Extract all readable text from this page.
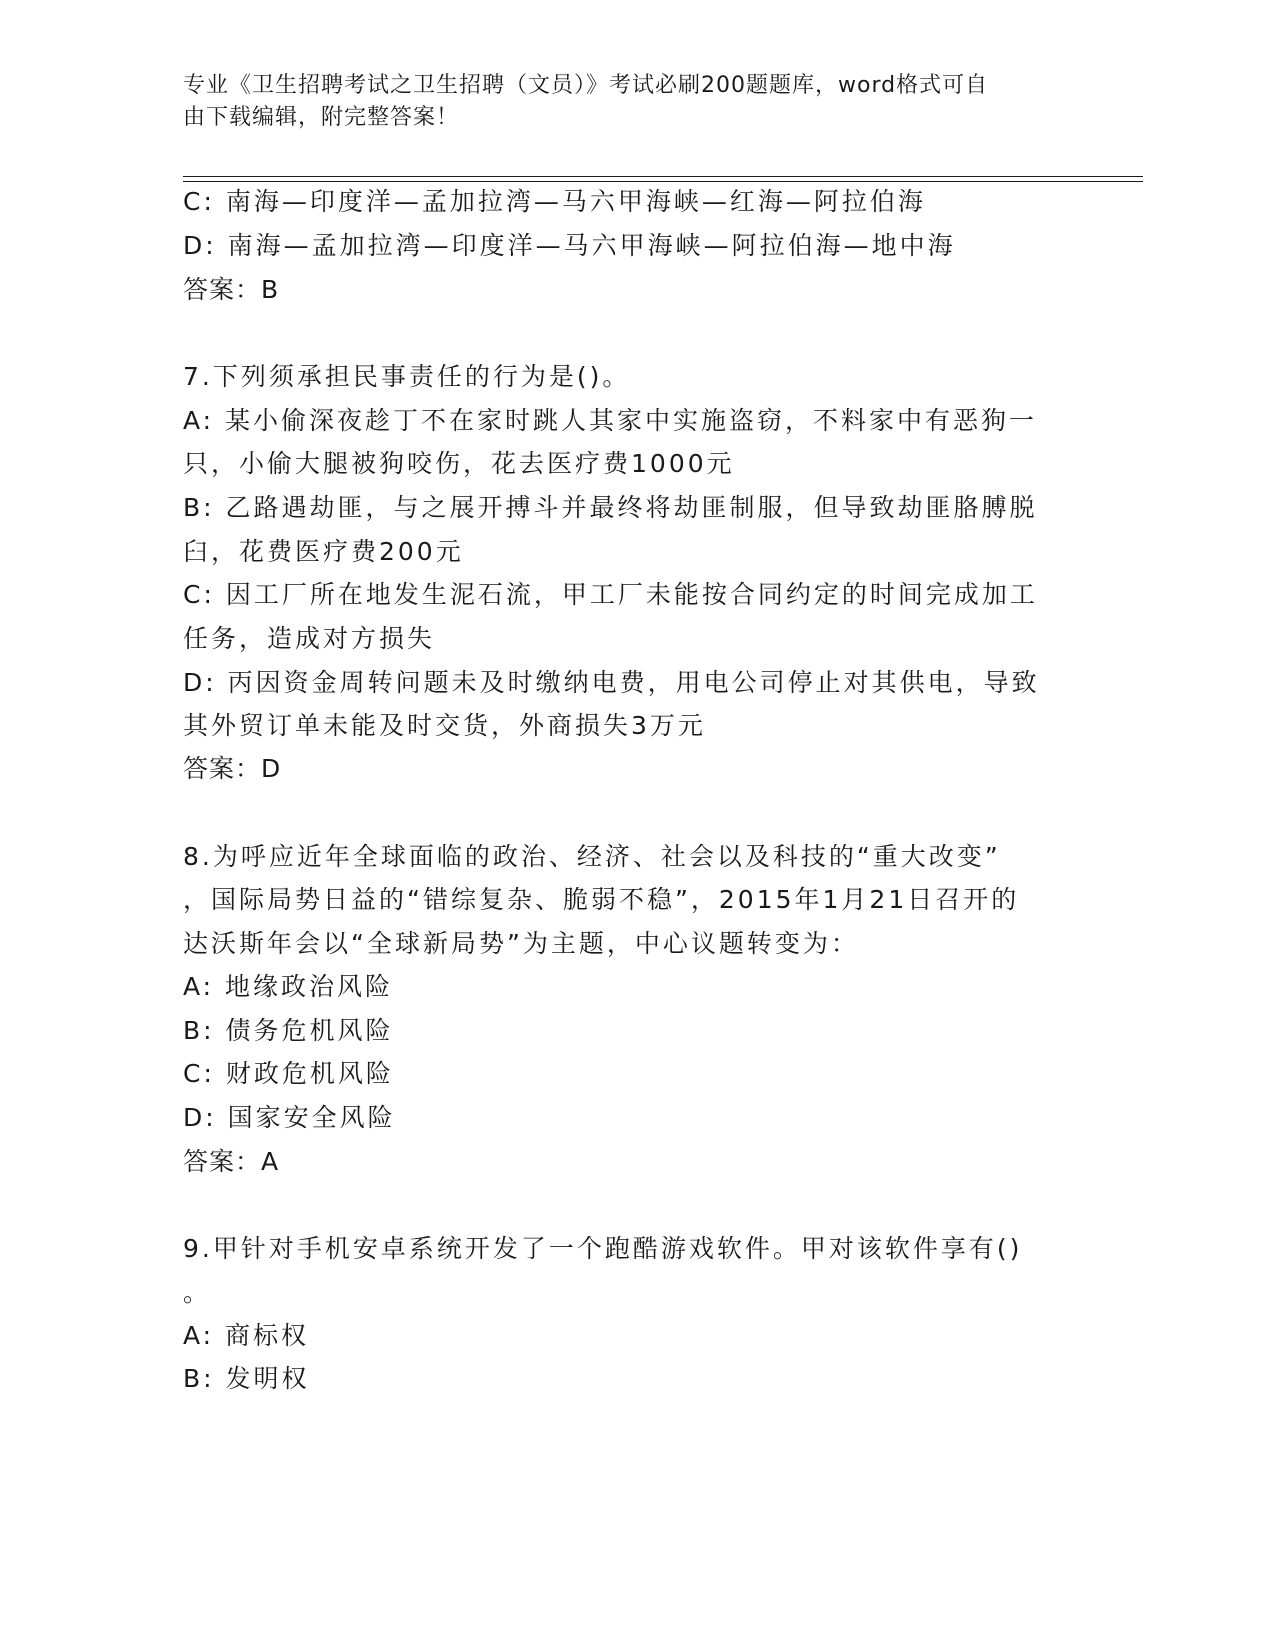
专业《卫生招聘考试之卫生招聘（文员）》考试必刷200题题库，word格式可自
由下载编辑，附完整答案！
C: 南海—印度洋—孟加拉湾—马六甲海峡—红海—阿拉伯海
D: 南海—孟加拉湾—印度洋—马六甲海峡—阿拉伯海—地中海
答案：B
7.下列须承担民事责任的行为是()。
A: 某小偷深夜趁丁不在家时跳人其家中实施盗窃，不料家中有恶狗一
只，小偷大腿被狗咬伤，花去医疗费1000元
B: 乙路遇劫匪，与之展开搏斗并最终将劫匪制服，但导致劫匪胳膊脱
臼，花费医疗费200元
C: 因工厂所在地发生泥石流，甲工厂未能按合同约定的时间完成加工
任务，造成对方损失
D: 丙因资金周转问题未及时缴纳电费，用电公司停止对其供电，导致
其外贸订单未能及时交货，外商损失3万元
答案：D
8.为呼应近年全球面临的政治、经济、社会以及科技的“重大改变”
，国际局势日益的“错综复杂、脆弱不稳”，2015年1月21日召开的
达沃斯年会以“全球新局势”为主题，中心议题转变为：
A: 地缘政治风险
B: 债务危机风险
C: 财政危机风险
D: 国家安全风险
答案：A
9.甲针对手机安卓系统开发了一个跑酷游戏软件。甲对该软件享有()
。
A: 商标权
B: 发明权
